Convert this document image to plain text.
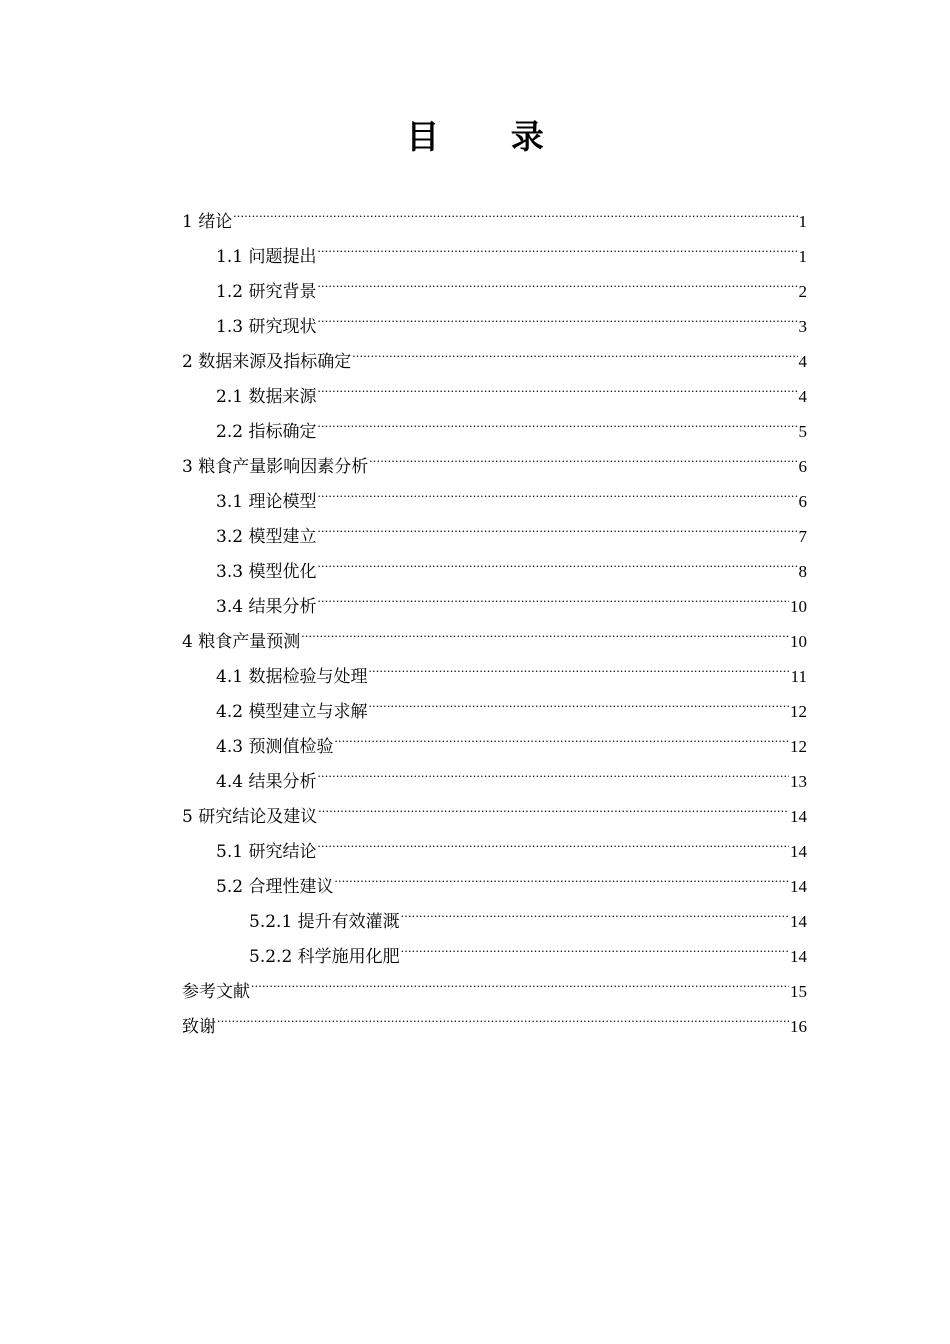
目 录
1 绪论 .....	1
1.1 问题提出 .....	1
1.2 研究背景 .....	2
1.3 研究现状 .....	3
2 数据来源及指标确定 .....	4
2.1 数据来源 .....	4
2.2 指标确定 .....	5
3 粮食产量影响因素分析 .....	6
3.1 理论模型 .....	6
3.2 模型建立 .....	7
3.3 模型优化 .....	8
3.4 结果分析 .....	10
4 粮食产量预测 .....	10
4.1 数据检验与处理 .....	11
4.2 模型建立与求解 .....	12
4.3 预测值检验 .....	12
4.4 结果分析 .....	13
5 研究结论及建议 .....	14
5.1 研究结论 .....	14
5.2 合理性建议 .....	14
5.2.1 提升有效灌溉 .....	14
5.2.2 科学施用化肥 .....	14
参考文献 .....	15
致谢 .....	16
